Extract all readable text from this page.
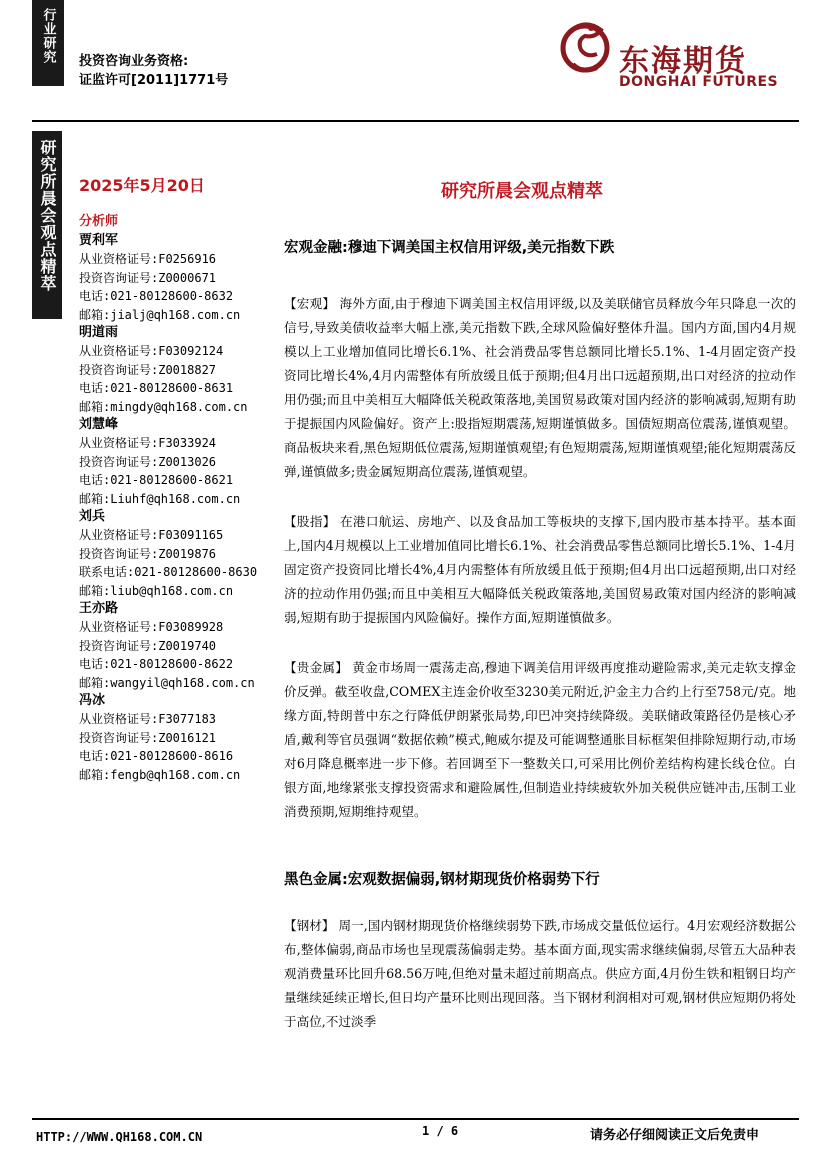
行业研究
研究所晨会观点精萃
投资咨询业务资格:
证监许可[2011]1771号
东海期货
DONGHAI FUTURES
2025年5月20日	研究所晨会观点精萃
分析师
贾利军
从业资格证号:F0256916
投资咨询证号:Z0000671
电话:021-80128600-8632
邮箱:jialj@qh168.com.cn
明道雨
从业资格证号:F03092124
投资咨询证号:Z0018827
电话:021-80128600-8631
邮箱:mingdy@qh168.com.cn
刘慧峰
从业资格证号:F3033924
投资咨询证号:Z0013026
电话:021-80128600-8621
邮箱:Liuhf@qh168.com.cn
刘兵
从业资格证号:F03091165
投资咨询证号:Z0019876
联系电话:021-80128600-8630
邮箱:liub@qh168.com.cn
王亦路
从业资格证号:F03089928
投资咨询证号:Z0019740
电话:021-80128600-8622
邮箱:wangyil@qh168.com.cn
冯冰
从业资格证号:F3077183
投资咨询证号:Z0016121
电话:021-80128600-8616
邮箱:fengb@qh168.com.cn
宏观金融:穆迪下调美国主权信用评级,美元指数下跌

【宏观】 海外方面,由于穆迪下调美国主权信用评级,以及美联储官员释放今年只降息一次的信号,导致美债收益率大幅上涨,美元指数下跌,全球风险偏好整体升温。国内方面,国内4月规模以上工业增加值同比增长6.1%、社会消费品零售总额同比增长5.1%、1-4月固定资产投资同比增长4%,4月内需整体有所放缓且低于预期;但4月出口远超预期,出口对经济的拉动作用仍强;而且中美相互大幅降低关税政策落地,美国贸易政策对国内经济的影响减弱,短期有助于提振国内风险偏好。资产上:股指短期震荡,短期谨慎做多。国债短期高位震荡,谨慎观望。商品板块来看,黑色短期低位震荡,短期谨慎观望;有色短期震荡,短期谨慎观望;能化短期震荡反弹,谨慎做多;贵金属短期高位震荡,谨慎观望。

【股指】 在港口航运、房地产、以及食品加工等板块的支撑下,国内股市基本持平。基本面上,国内4月规模以上工业增加值同比增长6.1%、社会消费品零售总额同比增长5.1%、1-4月固定资产投资同比增长4%,4月内需整体有所放缓且低于预期;但4月出口远超预期,出口对经济的拉动作用仍强;而且中美相互大幅降低关税政策落地,美国贸易政策对国内经济的影响减弱,短期有助于提振国内风险偏好。操作方面,短期谨慎做多。

【贵金属】 黄金市场周一震荡走高,穆迪下调美信用评级再度推动避险需求,美元走软支撑金价反弹。截至收盘,COMEX主连金价收至3230美元附近,沪金主力合约上行至758元/克。地缘方面,特朗普中东之行降低伊朗紧张局势,印巴冲突持续降级。美联储政策路径仍是核心矛盾,戴利等官员强调“数据依赖”模式,鲍威尔提及可能调整通胀目标框架但排除短期行动,市场对6月降息概率进一步下修。若回调至下一整数关口,可采用比例价差结构构建长线仓位。白银方面,地缘紧张支撑投资需求和避险属性,但制造业持续疲软外加关税供应链冲击,压制工业消费预期,短期维持观望。

黑色金属:宏观数据偏弱,钢材期现货价格弱势下行

【钢材】 周一,国内钢材期现货价格继续弱势下跌,市场成交量低位运行。4月宏观经济数据公布,整体偏弱,商品市场也呈现震荡偏弱走势。基本面方面,现实需求继续偏弱,尽管五大品种表观消费量环比回升68.56万吨,但绝对量未超过前期高点。供应方面,4月份生铁和粗钢日均产量继续延续正增长,但日均产量环比则出现回落。当下钢材利润相对可观,钢材供应短期仍将处于高位,不过淡季

HTTP://WWW.QH168.COM.CN	1 / 6	请务必仔细阅读正文后免责申
